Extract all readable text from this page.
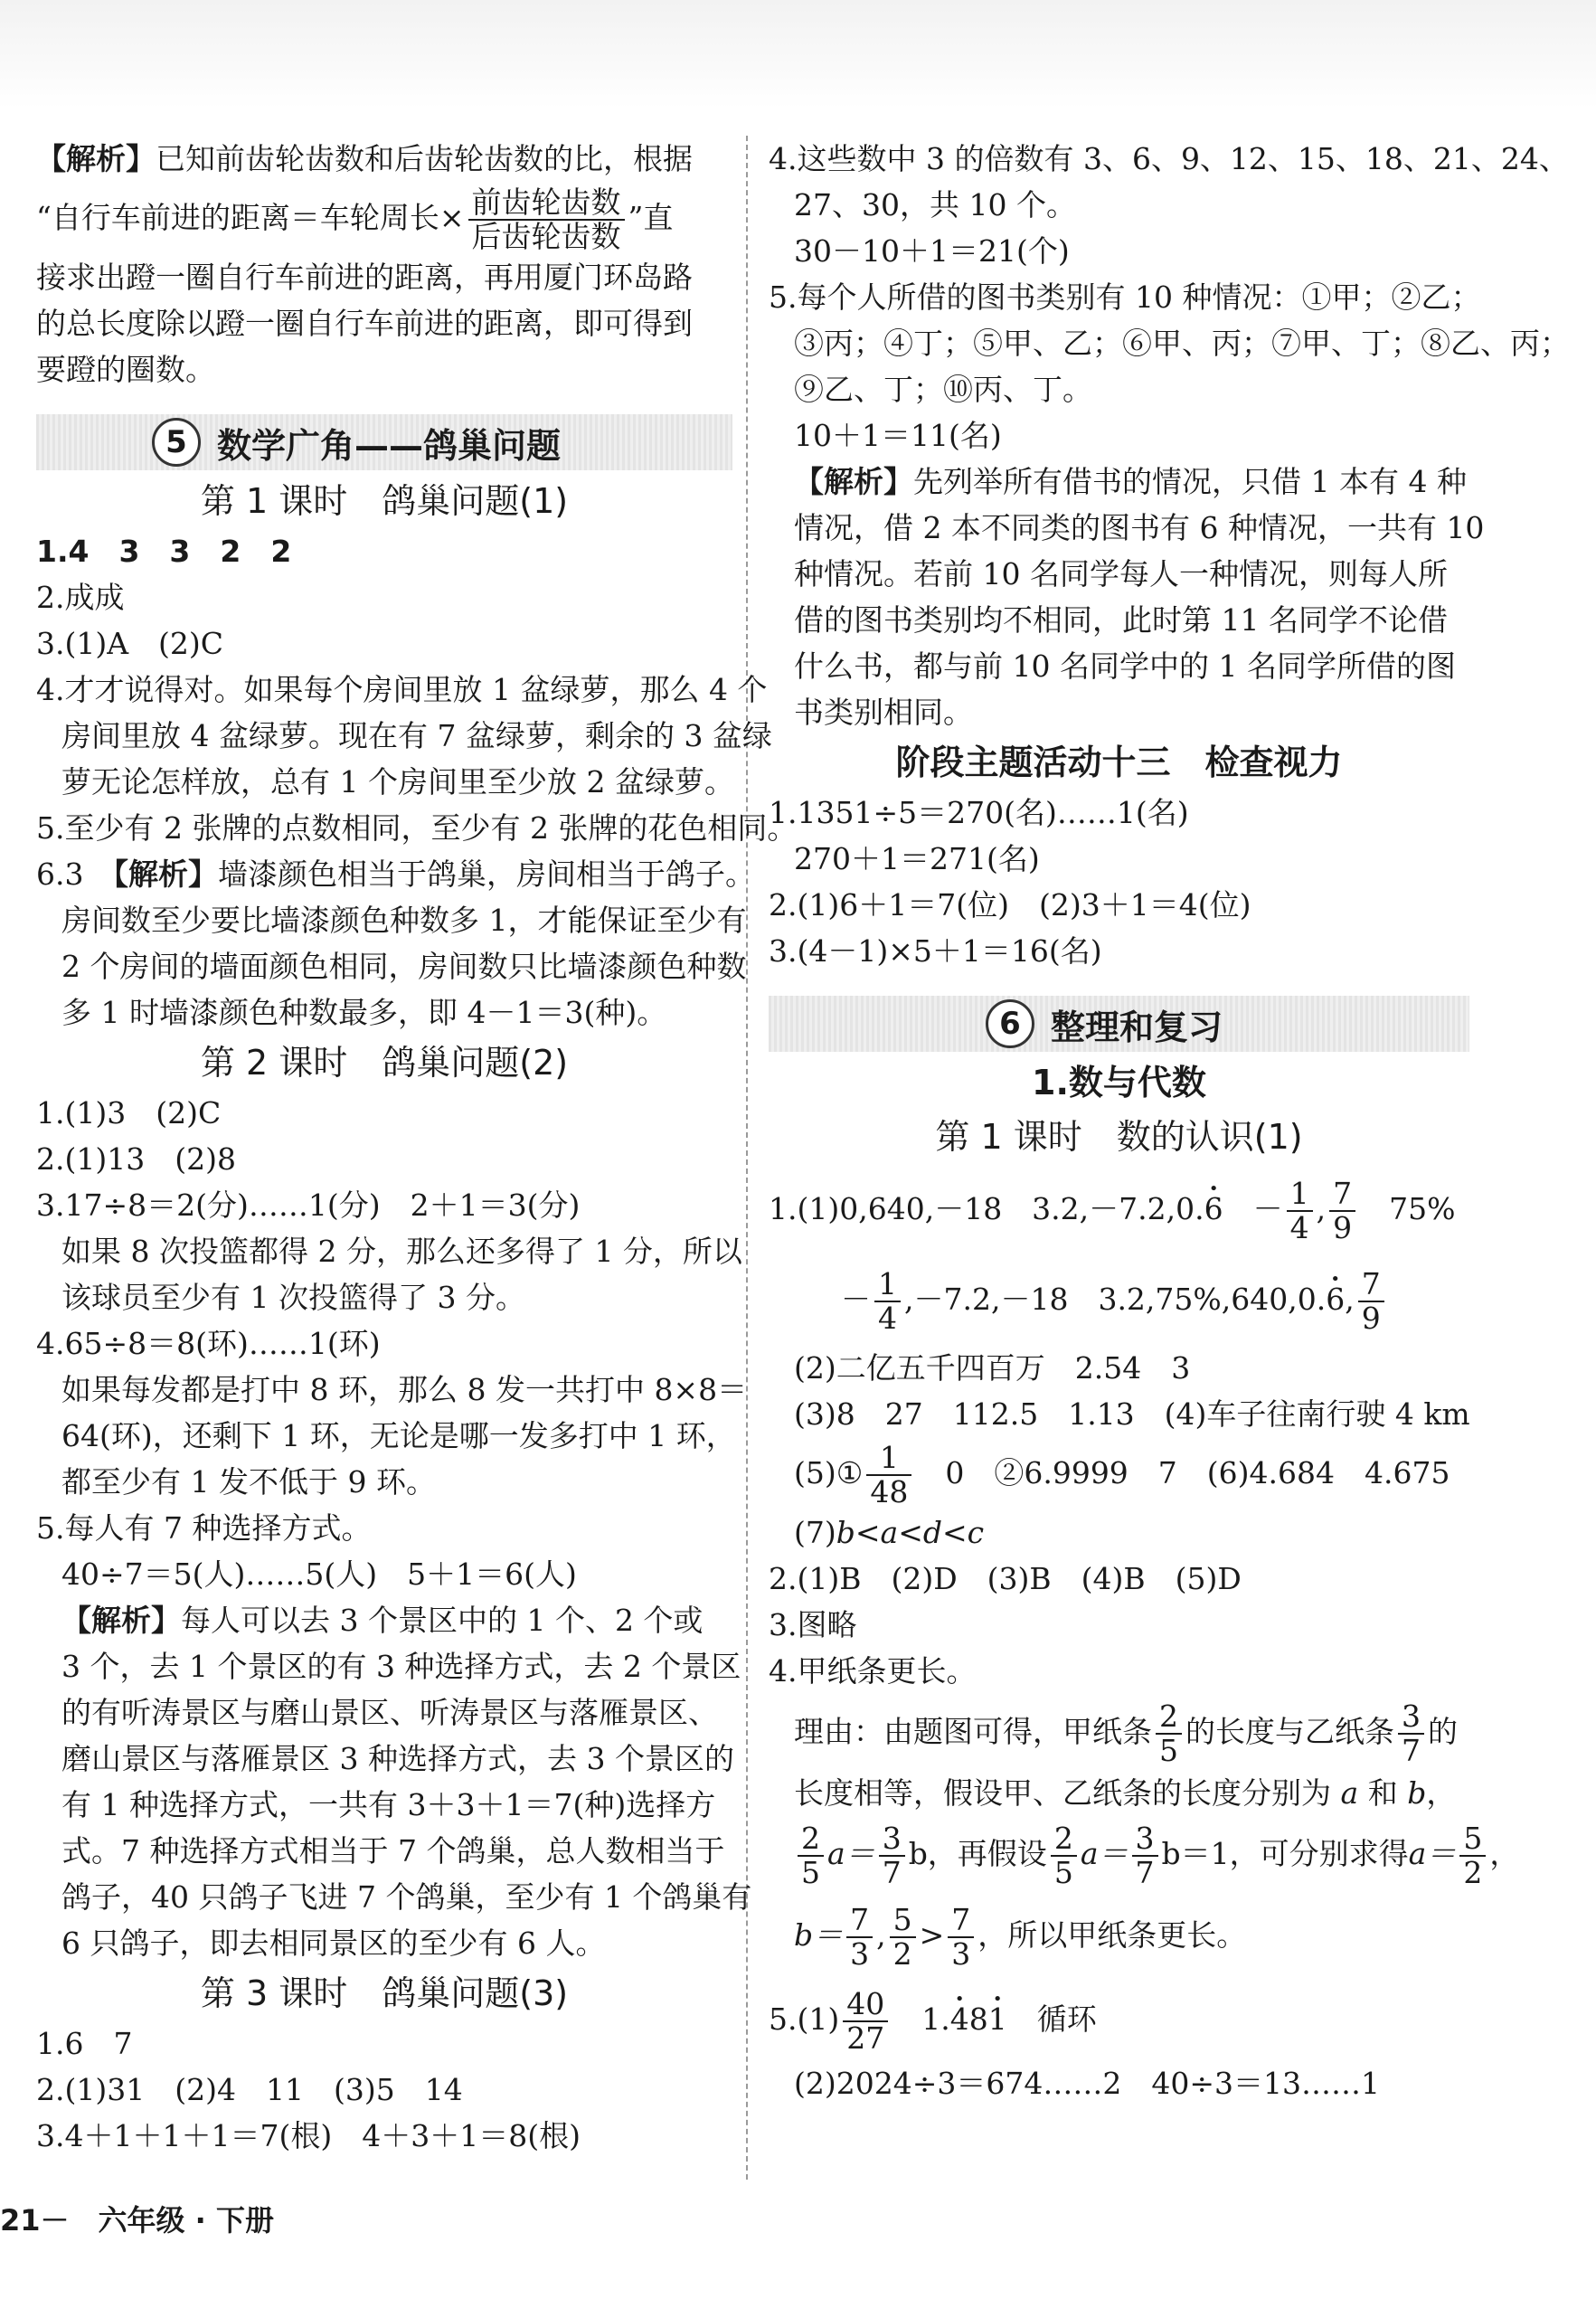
【解析】已知前齿轮齿数和后齿轮齿数的比，根据
“自行车前进的距离＝车轮周长× $\frac{\text{前齿轮齿数}}{\text{后齿轮齿数}}$ ”直
接求出蹬一圈自行车前进的距离，再用厦门环岛路
的总长度除以蹬一圈自行车前进的距离，即可得到
要蹬的圈数。
5 数学广角——鸽巢问题
第 1 课时　鸽巢问题(1)
1.4　3　3　2　2
2.成成
3.(1)A　(2)C
4.才才说得对。如果每个房间里放 1 盆绿萝，那么 4 个
房间里放 4 盆绿萝。现在有 7 盆绿萝，剩余的 3 盆绿
萝无论怎样放，总有 1 个房间里至少放 2 盆绿萝。
5.至少有 2 张牌的点数相同，至少有 2 张牌的花色相同。
6.3　【解析】墙漆颜色相当于鸽巢，房间相当于鸽子。
房间数至少要比墙漆颜色种数多 1，才能保证至少有
2 个房间的墙面颜色相同，房间数只比墙漆颜色种数
多 1 时墙漆颜色种数最多，即 4－1＝3(种)。
第 2 课时　鸽巢问题(2)
1.(1)3　(2)C
2.(1)13　(2)8
3.17÷8＝2(分)……1(分)　2＋1＝3(分)
如果 8 次投篮都得 2 分，那么还多得了 1 分，所以
该球员至少有 1 次投篮得了 3 分。
4.65÷8＝8(环)……1(环)
如果每发都是打中 8 环，那么 8 发一共打中 8×8＝
64(环)，还剩下 1 环，无论是哪一发多打中 1 环，
都至少有 1 发不低于 9 环。
5.每人有 7 种选择方式。
40÷7＝5(人)……5(人)　5＋1＝6(人)
【解析】每人可以去 3 个景区中的 1 个、2 个或
3 个，去 1 个景区的有 3 种选择方式，去 2 个景区
的有听涛景区与磨山景区、听涛景区与落雁景区、
磨山景区与落雁景区 3 种选择方式，去 3 个景区的
有 1 种选择方式，一共有 3＋3＋1＝7(种)选择方
式。7 种选择方式相当于 7 个鸽巢，总人数相当于
鸽子，40 只鸽子飞进 7 个鸽巢，至少有 1 个鸽巢有
6 只鸽子，即去相同景区的至少有 6 人。
第 3 课时　鸽巢问题(3)
1.6　7
2.(1)31　(2)4　11　(3)5　14
3.4＋1＋1＋1＝7(根)　4＋3＋1＝8(根)
4.这些数中 3 的倍数有 3、6、9、12、15、18、21、24、
27、30，共 10 个。
30－10＋1＝21(个)
5.每个人所借的图书类别有 10 种情况：①甲；②乙；
③丙；④丁；⑤甲、乙；⑥甲、丙；⑦甲、丁；⑧乙、丙；
⑨乙、丁；⑩丙、丁。
10＋1＝11(名)
【解析】先列举所有借书的情况，只借 1 本有 4 种
情况，借 2 本不同类的图书有 6 种情况，一共有 10
种情况。若前 10 名同学每人一种情况，则每人所
借的图书类别均不相同，此时第 11 名同学不论借
什么书，都与前 10 名同学中的 1 名同学所借的图
书类别相同。
阶段主题活动十三　检查视力
1.1351÷5＝270(名)……1(名)
270＋1＝271(名)
2.(1)6＋1＝7(位)　(2)3＋1＝4(位)
3.(4－1)×5＋1＝16(名)
6 整理和复习
1.数与代数
第 1 课时　数的认识(1)
1.(1)0,640,－18　3.2,－7.2,0.• 6　－ $\frac{1}{4}$ , $\frac{7}{9}$ 　75%
－ $\frac{1}{4} ,-7.2,-18$　3.2,75%,640,0.• 6, $\frac{7}{9}$
(2)二亿五千四百万　2.54　3
(3)8　27　112.5　1.13　(4)车子往南行驶 4 km
(5)① $\frac{1}{48}$ 　0　②6.9999　7　(6)4.684　4.675
(7)b<a<d<c
2.(1)B　(2)D　(3)B　(4)B　(5)D
3.图略
4.甲纸条更长。
理由：由题图可得，甲纸条 $\frac{2}{5}$ 的长度与乙纸条 $\frac{3}{7}$ 的
长度相等，假设甲、乙纸条的长度分别为 a 和 b，
$\frac{2}{5} a= \frac{3}{7}$ b，再假设 $\frac{2}{5} a= \frac{3}{7} b=1$，可分别求得$a= \frac{5}{2}$ ，
$b= \frac{7}{3}$ , $\frac{5}{2} > \frac{7}{3}$ ，所以甲纸条更长。
$5.(1) \frac{40}{27}$
　 1.• 48• 1　循环
(2)2024÷3＝674……2　40÷3＝13……1
21－　六年级 · 下册
